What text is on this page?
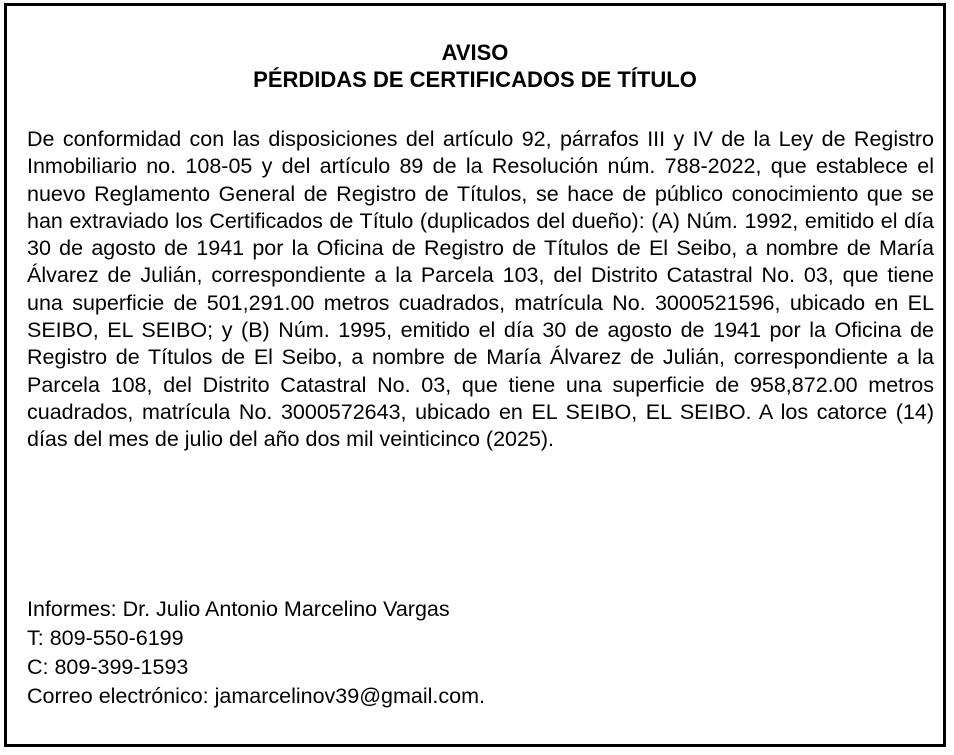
AVISO
PÉRDIDAS DE CERTIFICADOS DE TÍTULO

De conformidad con las disposiciones del artículo 92, párrafos III y IV de la Ley de Registro Inmobiliario no. 108-05 y del artículo 89 de la Resolución núm. 788-2022, que establece el nuevo Reglamento General de Registro de Títulos, se hace de público conocimiento que se han extraviado los Certificados de Título (duplicados del dueño): (A) Núm. 1992, emitido el día 30 de agosto de 1941 por la Oficina de Registro de Títulos de El Seibo, a nombre de María Álvarez de Julián, correspondiente a la Parcela 103, del Distrito Catastral No. 03, que tiene una superficie de 501,291.00 metros cuadrados, matrícula No. 3000521596, ubicado en EL SEIBO, EL SEIBO; y (B) Núm. 1995, emitido el día 30 de agosto de 1941 por la Oficina de Registro de Títulos de El Seibo, a nombre de María Álvarez de Julián, correspondiente a la Parcela 108, del Distrito Catastral No. 03, que tiene una superficie de 958,872.00 metros cuadrados, matrícula No. 3000572643, ubicado en EL SEIBO, EL SEIBO. A los catorce (14) días del mes de julio del año dos mil veinticinco (2025).

Informes: Dr. Julio Antonio Marcelino Vargas
T: 809-550-6199
C: 809-399-1593
Correo electrónico: jamarcelinov39@gmail.com.
